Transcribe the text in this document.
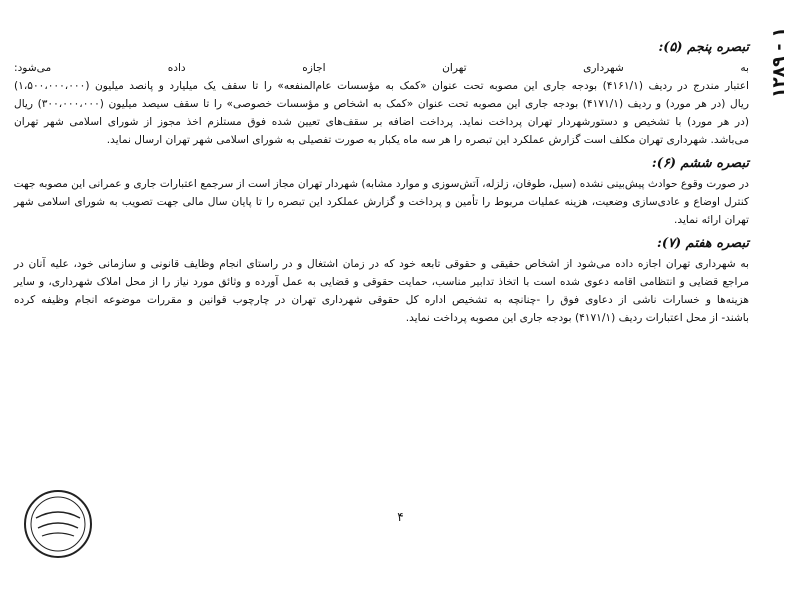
۱۲۸۹ - ۱
تبصره پنجم (۵):
به شهرداری تهران اجازه داده می‌شود:
اعتبار مندرج در ردیف (۴۱۶۱/۱) بودجه جاری این مصوبه تحت عنوان «کمک به مؤسسات عام‌المنفعه» را تا سقف یک میلیارد و پانصد میلیون (۱،۵۰۰،۰۰۰،۰۰۰)
ریال (در هر مورد) و ردیف (۴۱۷۱/۱) بودجه جاری این مصوبه تحت عنوان «کمک به اشخاص و مؤسسات خصوصی» را تا سقف سیصد میلیون (۳۰۰،۰۰۰،۰۰۰) ریال
(در هر مورد) با تشخیص و دستورشهردار تهران پرداخت نماید. پرداخت اضافه بر سقف‌های تعیین شده فوق مستلزم اخذ مجوز از شورای اسلامی شهر تهران
می‌باشد. شهرداری تهران مکلف است گزارش عملکرد این تبصره را هر سه ماه یکبار به صورت تفصیلی به شورای اسلامی شهر تهران ارسال نماید.
تبصره ششم (۶):
در صورت وقوع حوادث پیش‌بینی نشده (سیل، طوفان، زلزله، آتش‌سوزی و موارد مشابه) شهردار تهران مجاز است از سرجمع اعتبارات جاری و عمرانی این مصوبه جهت
کنترل اوضاع و عادی‌سازی وضعیت، هزینه عملیات مربوط را تأمین و پرداخت و گزارش عملکرد این تبصره را تا پایان سال مالی جهت تصویب به شورای اسلامی شهر
تهران ارائه نماید.
تبصره هفتم (۷):
به شهرداری تهران اجازه داده می‌شود از اشخاص حقیقی و حقوقی تابعه خود که در زمان اشتغال و در راستای انجام وظایف قانونی و سازمانی خود، علیه آنان در
مراجع قضایی و انتظامی اقامه دعوی شده است با اتخاذ تدابیر مناسب، حمایت حقوقی و قضایی به عمل آورده و وثائق مورد نیاز را از محل املاک شهرداری، و سایر
هزینه‌ها و خسارات ناشی از دعاوی فوق را -چنانچه به تشخیص اداره کل حقوقی شهرداری تهران در چارچوب قوانین و مقررات موضوعه انجام وظیفه کرده
باشند- از محل اعتبارات ردیف (۴۱۷۱/۱) بودجه جاری این مصوبه پرداخت نماید.
۴
